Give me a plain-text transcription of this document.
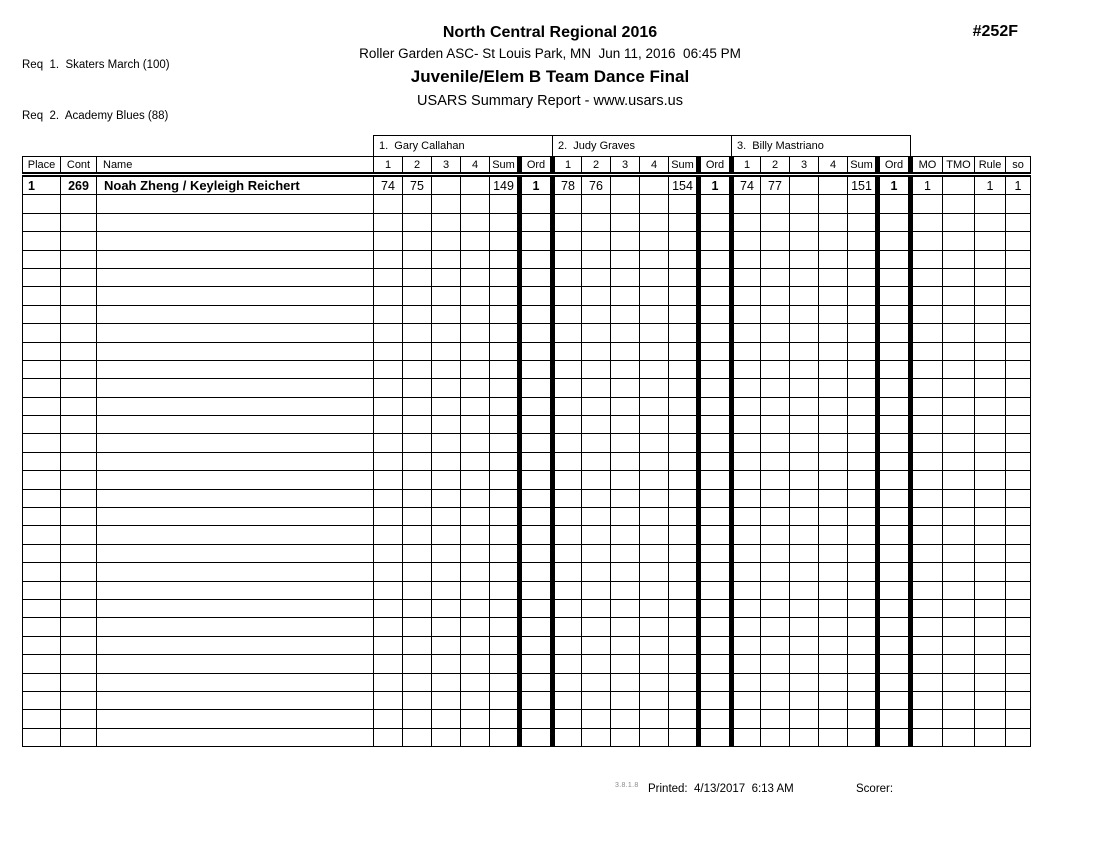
Req  1.  Skaters March (100)

Req  2.  Academy Blues (88)

North Central Regional 2016
Roller Garden ASC- St Louis Park, MN  Jun 11, 2016  06:45 PM
Juvenile/Elem B Team Dance Final
USARS Summary Report - www.usars.us
#252F
			1.  Gary Callahan						2.  Judy Graves						3.  Billy Mastriano									
Place	Cont	Name	1	2	3	4	Sum	Ord	1	2	3	4	Sum	Ord	1	2	3	4	Sum	Ord	MO	TMO	Rule	so
1	269	Noah Zheng / Keyleigh Reichert	74	75			149	1	78	76			154	1	74	77			151	1	1		1	1

3.8.1.8 Printed:  4/13/2017  6:13 AM	Scorer:
